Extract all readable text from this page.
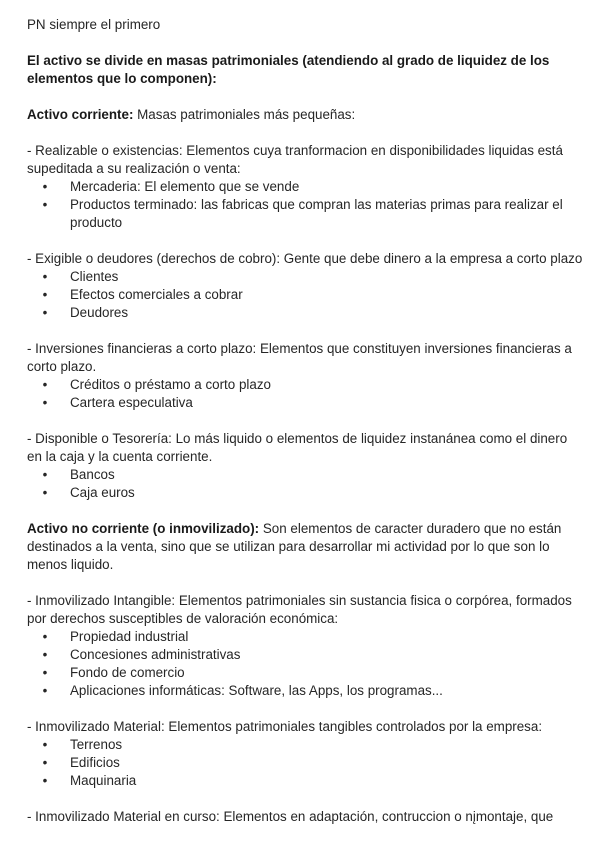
PN siempre el primero

El activo se divide en masas patrimoniales (atendiendo al grado de liquidez de los elementos que lo componen):

Activo corriente: Masas patrimoniales más pequeñas:

- Realizable o existencias: Elementos cuya tranformacion en disponibilidades liquidas está supeditada a su realización o venta:

• Mercaderia: El elemento que se vende
• Productos terminado: las fabricas que compran las materias primas para realizar el producto

- Exigible o deudores (derechos de cobro): Gente que debe dinero a la empresa a corto plazo

• Clientes
• Efectos comerciales a cobrar
• Deudores

- Inversiones financieras a corto plazo: Elementos que constituyen inversiones financieras a corto plazo.

• Créditos o préstamo a corto plazo
• Cartera especulativa

- Disponible o Tesorería: Lo más liquido o elementos de liquidez instanánea como el dinero en la caja y la cuenta corriente.

• Bancos
• Caja euros

Activo no corriente (o inmovilizado): Son elementos de caracter duradero que no están destinados a la venta, sino que se utilizan para desarrollar mi actividad por lo que son lo menos liquido.

- Inmovilizado Intangible: Elementos patrimoniales sin sustancia fisica o corpórea, formados por derechos susceptibles de valoración económica:

• Propiedad industrial
• Concesiones administrativas
• Fondo de comercio
• Aplicaciones informáticas: Software, las Apps, los programas...

- Inmovilizado Material: Elementos patrimoniales tangibles controlados por la empresa:

• Terrenos
• Edificios
• Maquinaria

- Inmovilizado Material en curso: Elementos en adaptación, contruccion o nįmontaje, que
